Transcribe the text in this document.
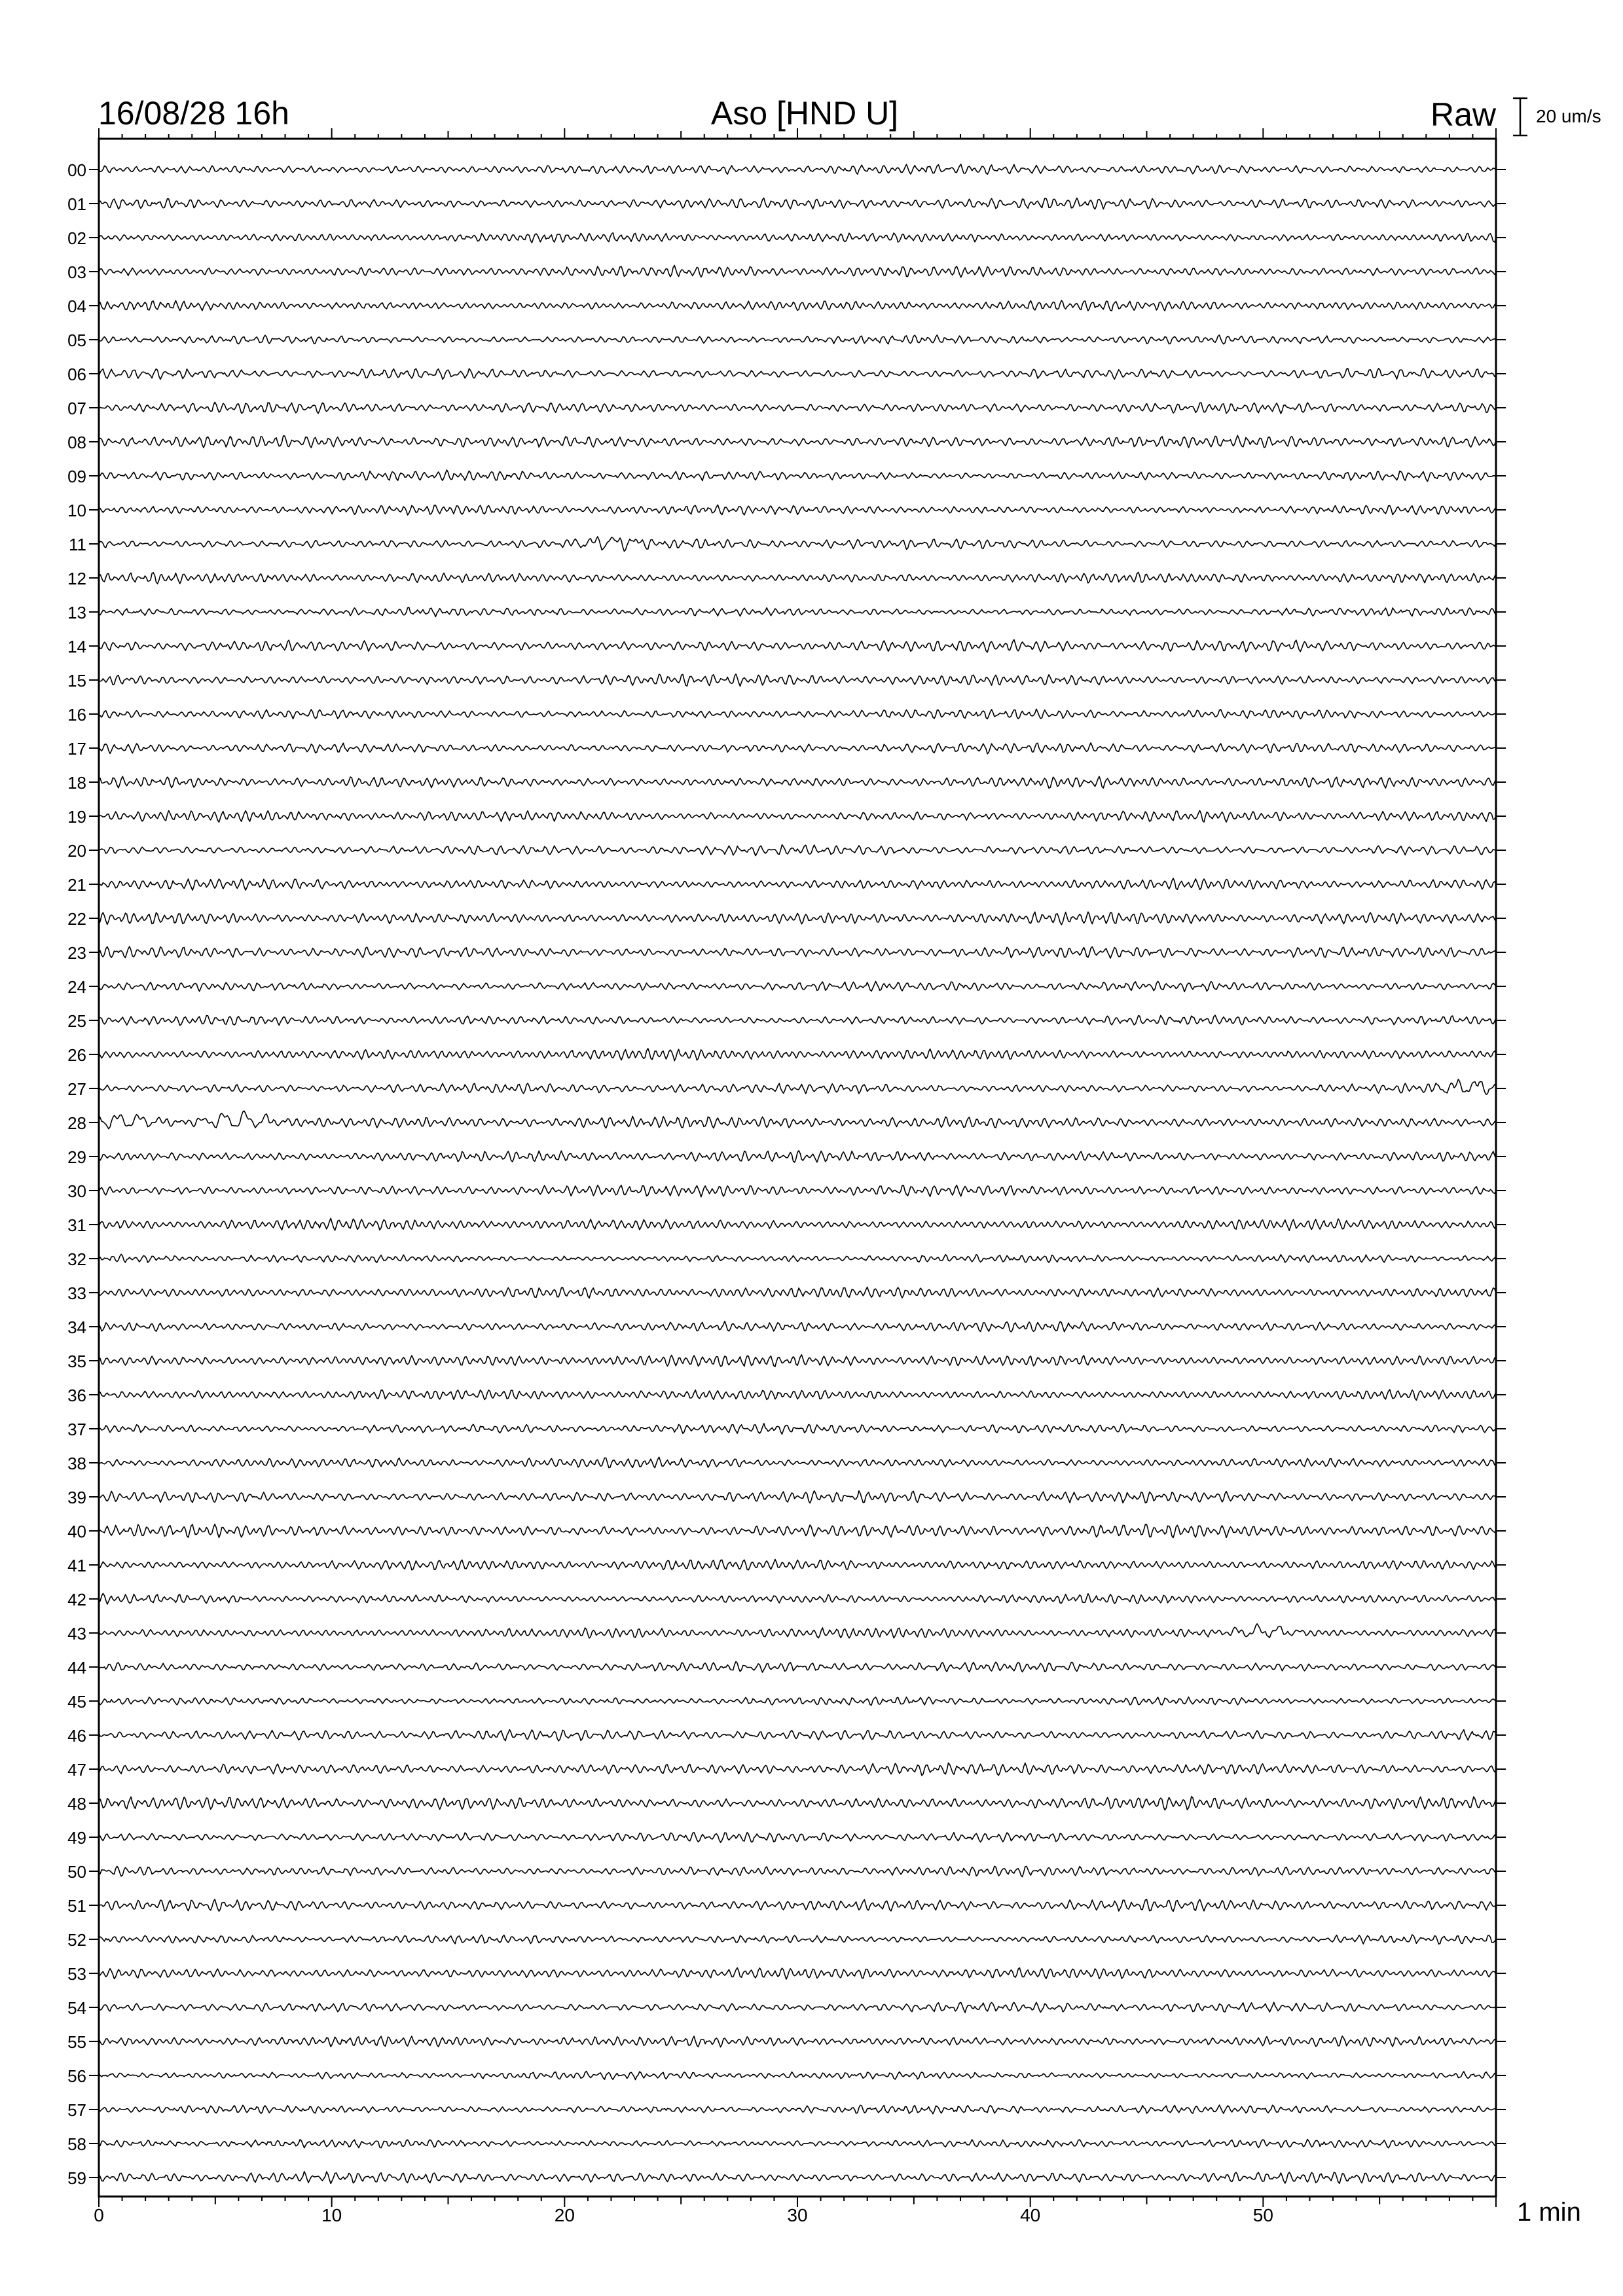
16/08/28 16h	Aso [HND U]	Raw 20 um/s
00
01
02
03
04
05
06
07
08
09
10
11
12
13
14
15
16
17
18
19
20
21
22
23
24
25
26
27
28
29
30
31
32
33
34
35
36
37
38
39
40
41
42
43
44
45
46
47
48
49
50
51
52
53
54
55
56
57
58
59
0	10	20	30	40	50	1 min
